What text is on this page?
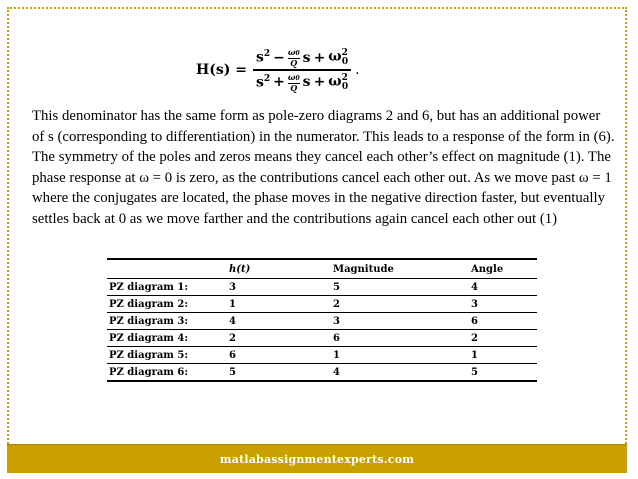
H(s) =
$s^2 - \omega 0$
Q $s + \omega^2_0$
$s^2 + \omega 0$
Q $s + \omega^2_0$
.

This denominator has the same form as pole-zero diagrams 2 and 6, but has an additional power of s (corresponding to differentiation) in the numerator. This leads to a response of the form in (6). The symmetry of the poles and zeros means they cancel each other’s effect on magnitude (1). The phase response at ω = 0 is zero, as the contributions cancel each other out. As we move past ω = 1 where the conjugates are located, the phase moves in the negative direction faster, but eventually settles back at 0 as we move farther and the contributions again cancel each other out (1)

	h(t)	Magnitude	Angle
PZ diagram 1:	3	5	4
PZ diagram 2:	1	2	3
PZ diagram 3:	4	3	6
PZ diagram 4:	2	6	2
PZ diagram 5:	6	1	1
PZ diagram 6:	5	4	5
matlabassignmentexperts.com
